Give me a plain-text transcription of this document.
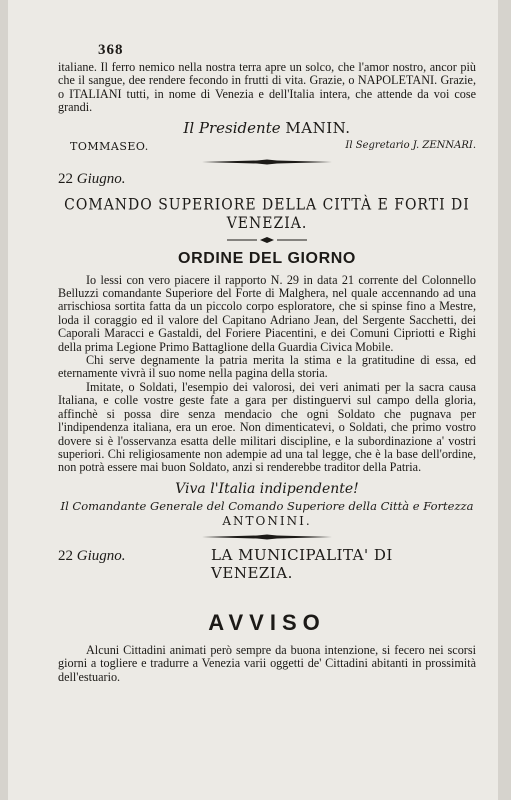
368

italiane. Il ferro nemico nella nostra terra apre un solco, che l'amor nostro, ancor più che il sangue, dee rendere fecondo in frutti di vita. Grazie, o NAPOLETANI. Grazie, o ITALIANI tutti, in nome di Venezia e dell'Italia intera, che attende da voi cose grandi.

Il Presidente MANIN.
TOMMASEO.	Il Segretario J. ZENNARI.
22 Giugno.
COMANDO SUPERIORE DELLA CITTÀ E FORTI DI VENEZIA.
ORDINE DEL GIORNO

Io lessi con vero piacere il rapporto N. 29 in data 21 corrente del Colonnello Belluzzi comandante Superiore del Forte di Malghera, nel quale accennando ad una arrischiosa sortita fatta da un piccolo corpo esploratore, che si spinse fino a Mestre, loda il coraggio ed il valore del Capitano Adriano Jean, del Sergente Sacchetti, dei Caporali Maracci e Gastaldi, del Foriere Piacentini, e dei Comuni Cipriotti e Righi della prima Legione Primo Battaglione della Guardia Civica Mobile.

Chi serve degnamente la patria merita la stima e la gratitudine di essa, ed eternamente vivrà il suo nome nella pagina della storia.

Imitate, o Soldati, l'esempio dei valorosi, dei veri animati per la sacra causa Italiana, e colle vostre geste fate a gara per distinguervi sul campo della gloria, affinchè si possa dire senza mendacio che ogni Soldato che pugnava per l'indipendenza italiana, era un eroe. Non dimenticatevi, o Soldati, che primo vostro dovere si è l'osservanza esatta delle militari discipline, e la subordinazione a' vostri superiori. Chi religiosamente non adempie ad una tal legge, che è la base dell'ordine, non potrà essere mai buon Soldato, anzi si renderebbe traditor della Patria.

Viva l'Italia indipendente!
Il Comandante Generale del Comando Superiore della Città e Fortezza
ANTONINI.
22 Giugno.	LA MUNICIPALITA' DI VENEZIA.
AVVISO

Alcuni Cittadini animati però sempre da buona intenzione, si fecero nei scorsi giorni a togliere e tradurre a Venezia varii oggetti de' Cittadini abitanti in prossimità dell'estuario.
